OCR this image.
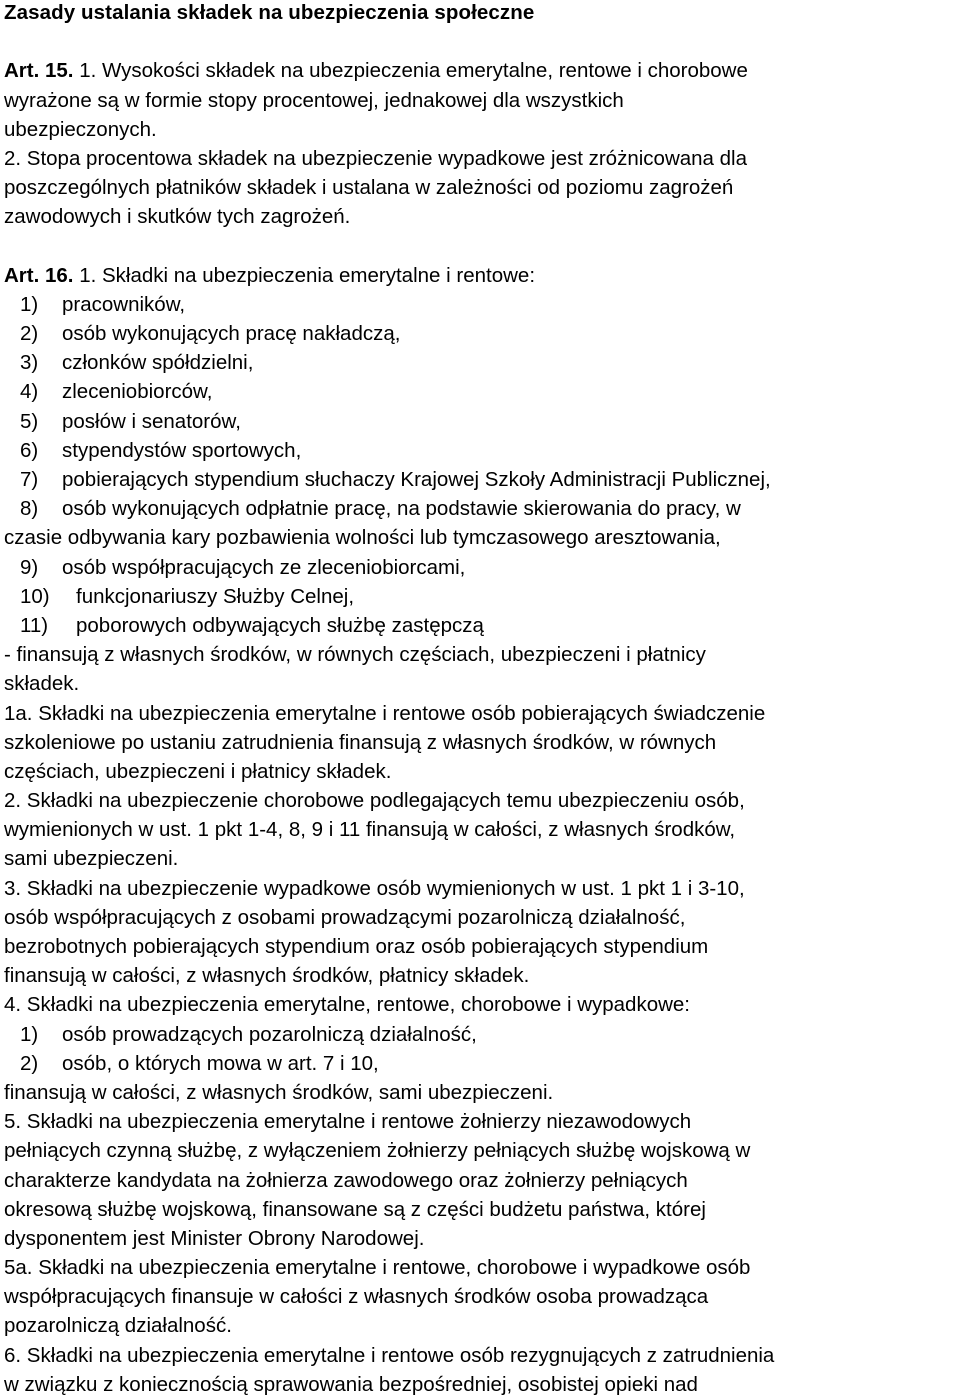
Zasady ustalania składek na ubezpieczenia społeczne
Art. 15. 1. Wysokości składek na ubezpieczenia emerytalne, rentowe i chorobowe
wyrażone są w formie stopy procentowej, jednakowej dla wszystkich
ubezpieczonych.
2. Stopa procentowa składek na ubezpieczenie wypadkowe jest zróżnicowana dla
poszczególnych płatników składek i ustalana w zależności od poziomu zagrożeń
zawodowych i skutków tych zagrożeń.
Art. 16. 1. Składki na ubezpieczenia emerytalne i rentowe:
1) pracowników,
2) osób wykonujących pracę nakładczą,
3) członków spółdzielni,
4) zleceniobiorców,
5) posłów i senatorów,
6) stypendystów sportowych,
7) pobierających stypendium słuchaczy Krajowej Szkoły Administracji Publicznej,
8) osób wykonujących odpłatnie pracę, na podstawie skierowania do pracy, w
czasie odbywania kary pozbawienia wolności lub tymczasowego aresztowania,
9) osób współpracujących ze zleceniobiorcami,
10) funkcjonariuszy Służby Celnej,
11) poborowych odbywających służbę zastępczą
- finansują z własnych środków, w równych częściach, ubezpieczeni i płatnicy
składek.
1a. Składki na ubezpieczenia emerytalne i rentowe osób pobierających świadczenie
szkoleniowe po ustaniu zatrudnienia finansują z własnych środków, w równych
częściach, ubezpieczeni i płatnicy składek.
2. Składki na ubezpieczenie chorobowe podlegających temu ubezpieczeniu osób,
wymienionych w ust. 1 pkt 1-4, 8, 9 i 11 finansują w całości, z własnych środków,
sami ubezpieczeni.
3. Składki na ubezpieczenie wypadkowe osób wymienionych w ust. 1 pkt 1 i 3-10,
osób współpracujących z osobami prowadzącymi pozarolniczą działalność,
bezrobotnych pobierających stypendium oraz osób pobierających stypendium
finansują w całości, z własnych środków, płatnicy składek.
4. Składki na ubezpieczenia emerytalne, rentowe, chorobowe i wypadkowe:
1) osób prowadzących pozarolniczą działalność,
2) osób, o których mowa w art. 7 i 10,
finansują w całości, z własnych środków, sami ubezpieczeni.
5. Składki na ubezpieczenia emerytalne i rentowe żołnierzy niezawodowych
pełniących czynną służbę, z wyłączeniem żołnierzy pełniących służbę wojskową w
charakterze kandydata na żołnierza zawodowego oraz żołnierzy pełniących
okresową służbę wojskową, finansowane są z części budżetu państwa, której
dysponentem jest Minister Obrony Narodowej.
5a. Składki na ubezpieczenia emerytalne i rentowe, chorobowe i wypadkowe osób
współpracujących finansuje w całości z własnych środków osoba prowadząca
pozarolniczą działalność.
6. Składki na ubezpieczenia emerytalne i rentowe osób rezygnujących z zatrudnienia
w związku z koniecznością sprawowania bezpośredniej, osobistej opieki nad
